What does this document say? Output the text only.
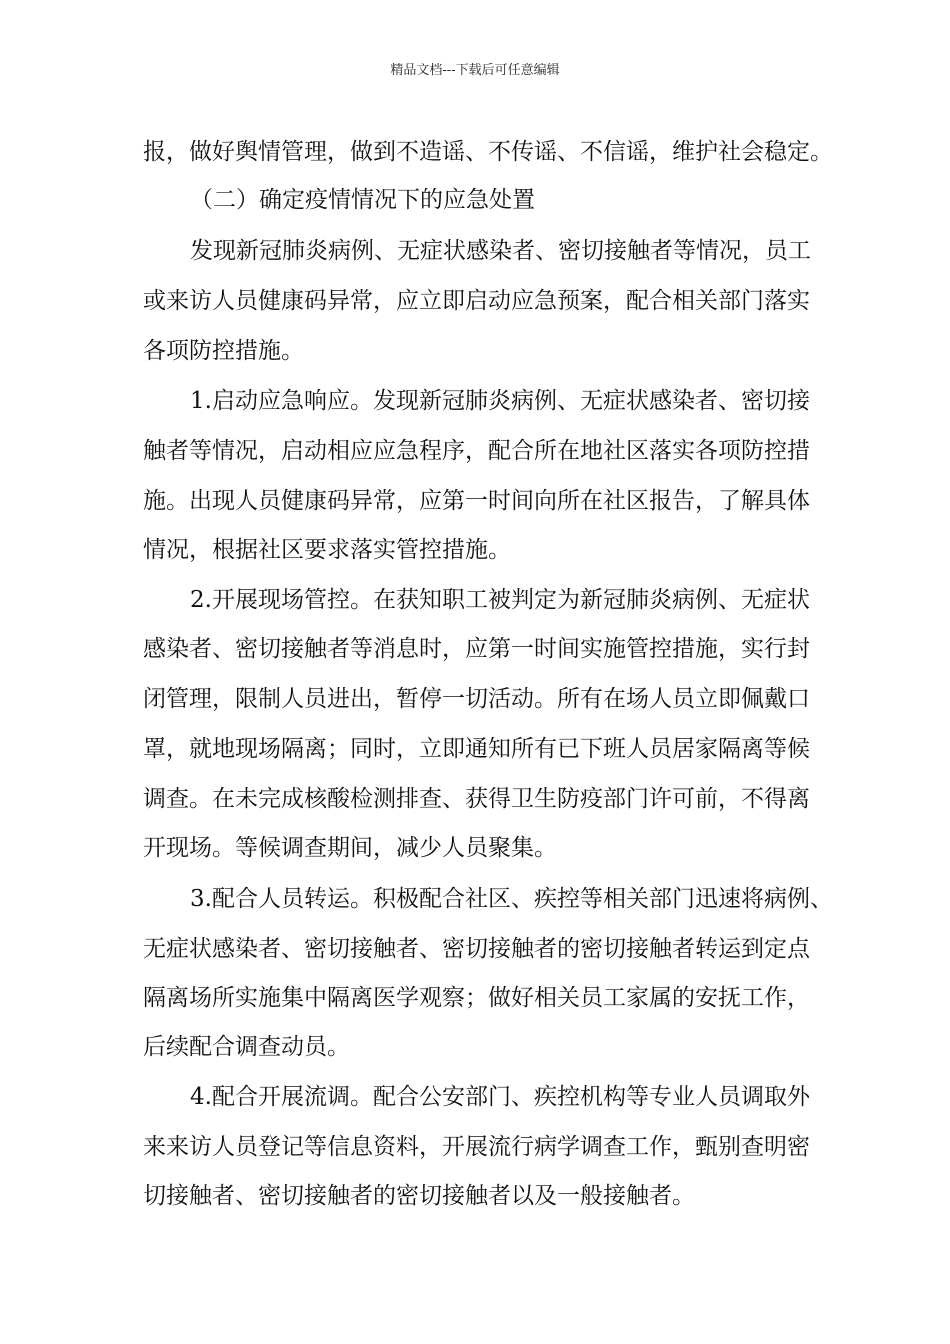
精品文档---下载后可任意编辑
报，做好舆情管理，做到不造谣、不传谣、不信谣，维护社会稳定。
（二）确定疫情情况下的应急处置
发现新冠肺炎病例、无症状感染者、密切接触者等情况，员工
或来访人员健康码异常，应立即启动应急预案，配合相关部门落实
各项防控措施。
1.启动应急响应。发现新冠肺炎病例、无症状感染者、密切接
触者等情况，启动相应应急程序，配合所在地社区落实各项防控措
施。出现人员健康码异常，应第一时间向所在社区报告，了解具体
情况，根据社区要求落实管控措施。
2.开展现场管控。在获知职工被判定为新冠肺炎病例、无症状
感染者、密切接触者等消息时，应第一时间实施管控措施，实行封
闭管理，限制人员进出，暂停一切活动。所有在场人员立即佩戴口
罩，就地现场隔离；同时，立即通知所有已下班人员居家隔离等候
调查。在未完成核酸检测排查、获得卫生防疫部门许可前，不得离
开现场。等候调查期间，减少人员聚集。
3.配合人员转运。积极配合社区、疾控等相关部门迅速将病例、
无症状感染者、密切接触者、密切接触者的密切接触者转运到定点
隔离场所实施集中隔离医学观察；做好相关员工家属的安抚工作，
后续配合调查动员。
4.配合开展流调。配合公安部门、疾控机构等专业人员调取外
来来访人员登记等信息资料，开展流行病学调查工作，甄别查明密
切接触者、密切接触者的密切接触者以及一般接触者。
